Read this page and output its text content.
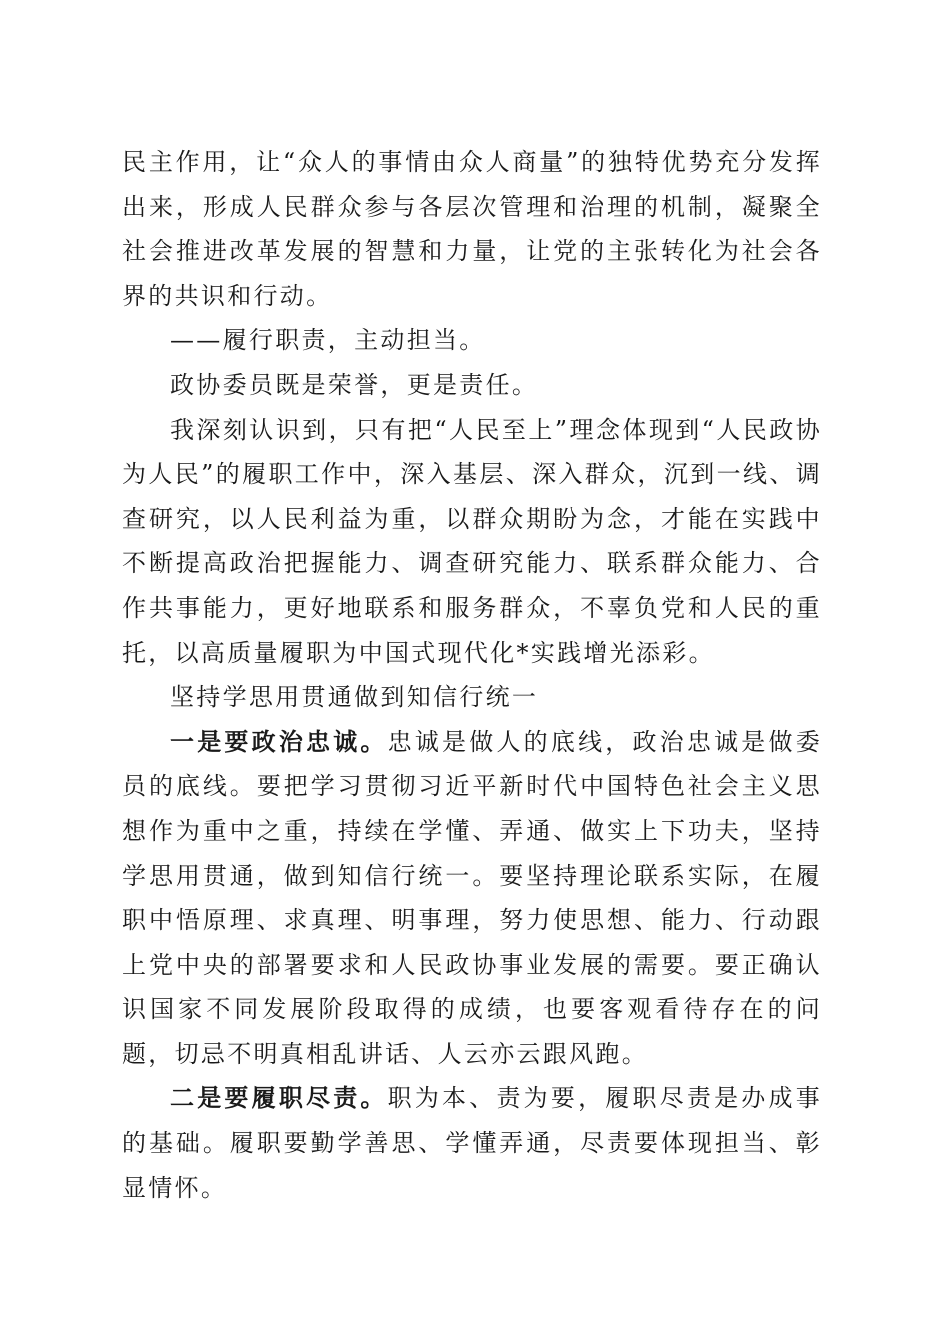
民主作用，让“众人的事情由众人商量”的独特优势充分发挥出来，形成人民群众参与各层次管理和治理的机制，凝聚全社会推进改革发展的智慧和力量，让党的主张转化为社会各界的共识和行动。

——履行职责，主动担当。

政协委员既是荣誉，更是责任。

我深刻认识到，只有把“人民至上”理念体现到“人民政协为人民”的履职工作中，深入基层、深入群众，沉到一线、调查研究，以人民利益为重，以群众期盼为念，才能在实践中不断提高政治把握能力、调查研究能力、联系群众能力、合作共事能力，更好地联系和服务群众，不辜负党和人民的重托，以高质量履职为中国式现代化*实践增光添彩。

坚持学思用贯通做到知信行统一

一是要政治忠诚。忠诚是做人的底线，政治忠诚是做委员的底线。要把学习贯彻习近平新时代中国特色社会主义思想作为重中之重，持续在学懂、弄通、做实上下功夫，坚持学思用贯通，做到知信行统一。要坚持理论联系实际，在履职中悟原理、求真理、明事理，努力使思想、能力、行动跟上党中央的部署要求和人民政协事业发展的需要。要正确认识国家不同发展阶段取得的成绩，也要客观看待存在的问题，切忌不明真相乱讲话、人云亦云跟风跑。

二是要履职尽责。职为本、责为要，履职尽责是办成事的基础。履职要勤学善思、学懂弄通，尽责要体现担当、彰显情怀。
